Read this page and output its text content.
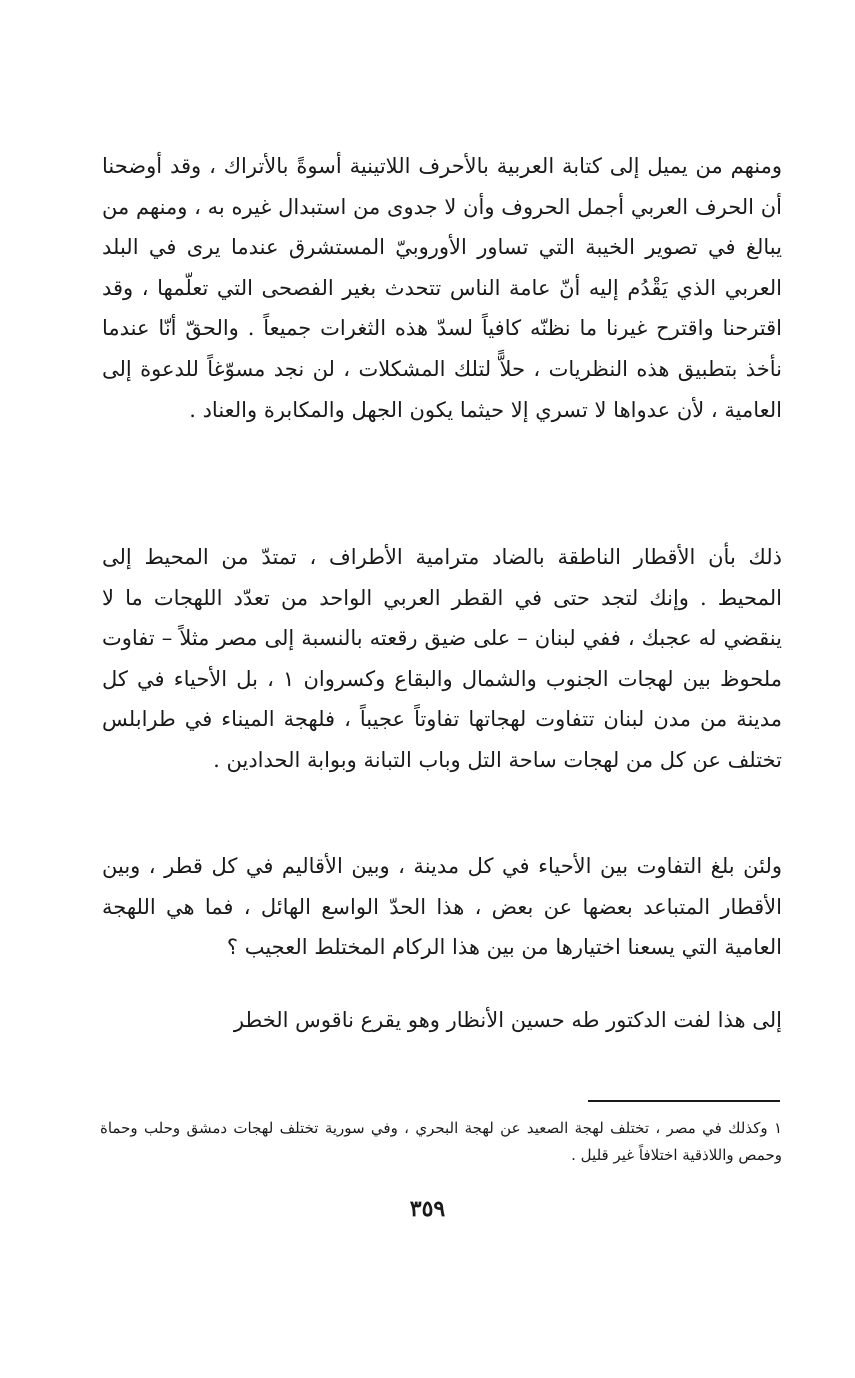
ومنهم من يميل إلى كتابة العربية بالأحرف اللاتينية أسوةً بالأتراك ، وقد أوضحنا أن الحرف العربي أجمل الحروف وأن لا جدوى من استبدال غيره به ، ومنهم من يبالغ في تصوير الخيبة التي تساور الأوروبيّ المستشرق عندما يرى في البلد العربي الذي يَقْدُم إليه أنّ عامة الناس تتحدث بغير الفصحى التي تعلّمها ، وقد اقترحنا واقترح غيرنا ما نظنّه كافياً لسدّ هذه الثغرات جميعاً . والحقّ أنّا عندما نأخذ بتطبيق هذه النظريات ، حلاًّ لتلك المشكلات ، لن نجد مسوّغاً للدعوة إلى العامية ، لأن عدواها لا تسري إلا حيثما يكون الجهل والمكابرة والعناد .

ذلك بأن الأقطار الناطقة بالضاد مترامية الأطراف ، تمتدّ من المحيط إلى المحيط . وإنك لتجد حتى في القطر العربي الواحد من تعدّد اللهجات ما لا ينقضي له عجبك ، ففي لبنان – على ضيق رقعته بالنسبة إلى مصر مثلاً – تفاوت ملحوظ بين لهجات الجنوب والشمال والبقاع وكسروان ١ ، بل الأحياء في كل مدينة من مدن لبنان تتفاوت لهجاتها تفاوتاً عجيباً ، فلهجة الميناء في طرابلس تختلف عن كل من لهجات ساحة التل وباب التبانة وبوابة الحدادين .

ولئن بلغ التفاوت بين الأحياء في كل مدينة ، وبين الأقاليم في كل قطر ، وبين الأقطار المتباعد بعضها عن بعض ، هذا الحدّ الواسع الهائل ، فما هي اللهجة العامية التي يسعنا اختيارها من بين هذا الركام المختلط العجيب ؟

إلى هذا لفت الدكتور طه حسين الأنظار وهو يقرع ناقوس الخطر

١ وكذلك في مصر ، تختلف لهجة الصعيد عن لهجة البحري ، وفي سورية تختلف لهجات دمشق وحلب وحماة وحمص واللاذقية اختلافاً غير قليل .

٣٥٩
